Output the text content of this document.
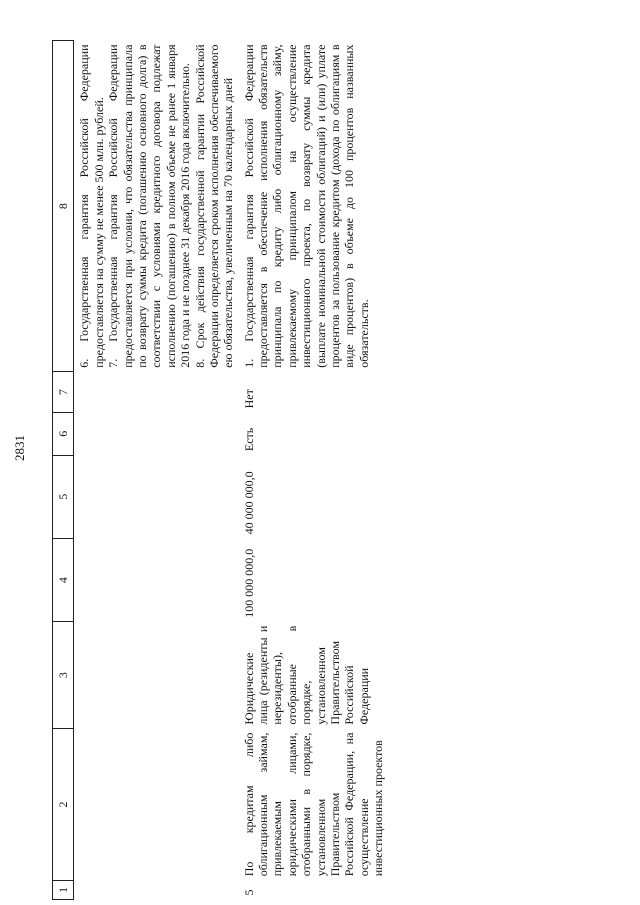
2831
1	2	3	4	5	6	7	8

							6. Государственная гарантия Российской Федерации предоставляется на сумму не менее 500 млн. рублей. 7. Государственная гарантия Российской Федерации предоставляется при условии, что обязательства принципала по возврату суммы кредита (погашению основного долга) в соответствии с условиями кредитного договора подлежат исполнению (погашению) в полном объеме не ранее 1 января 2016 года и не позднее 31 декабря 2016 года включительно. 8. Срок действия государственной гарантии Российской Федерации определяется сроком исполнения обеспечиваемого ею обязательства, увеличенным на 70 календарных дней

5	По кредитам либо облигационным займам, привлекаемым юридическими лицами, отобранными в порядке, установленном Правительством Российской Федерации, на осуществление инвестиционных проектов	Юридические лица (резиденты и нерезиденты), отобранные в порядке, установленном Правительством Российской Федерации	100 000 000,0	40 000 000,0	Есть	Нет	1. Государственная гарантия Российской Федерации предоставляется в обеспечение исполнения обязательств принципала по кредиту либо облигационному займу, привлекаемому принципалом на осуществление инвестиционного проекта, по возврату суммы кредита (выплате номинальной стоимости облигаций) и (или) уплате процентов за пользование кредитом (дохода по облигациям в виде процентов) в объеме до 100 процентов названных обязательств.
